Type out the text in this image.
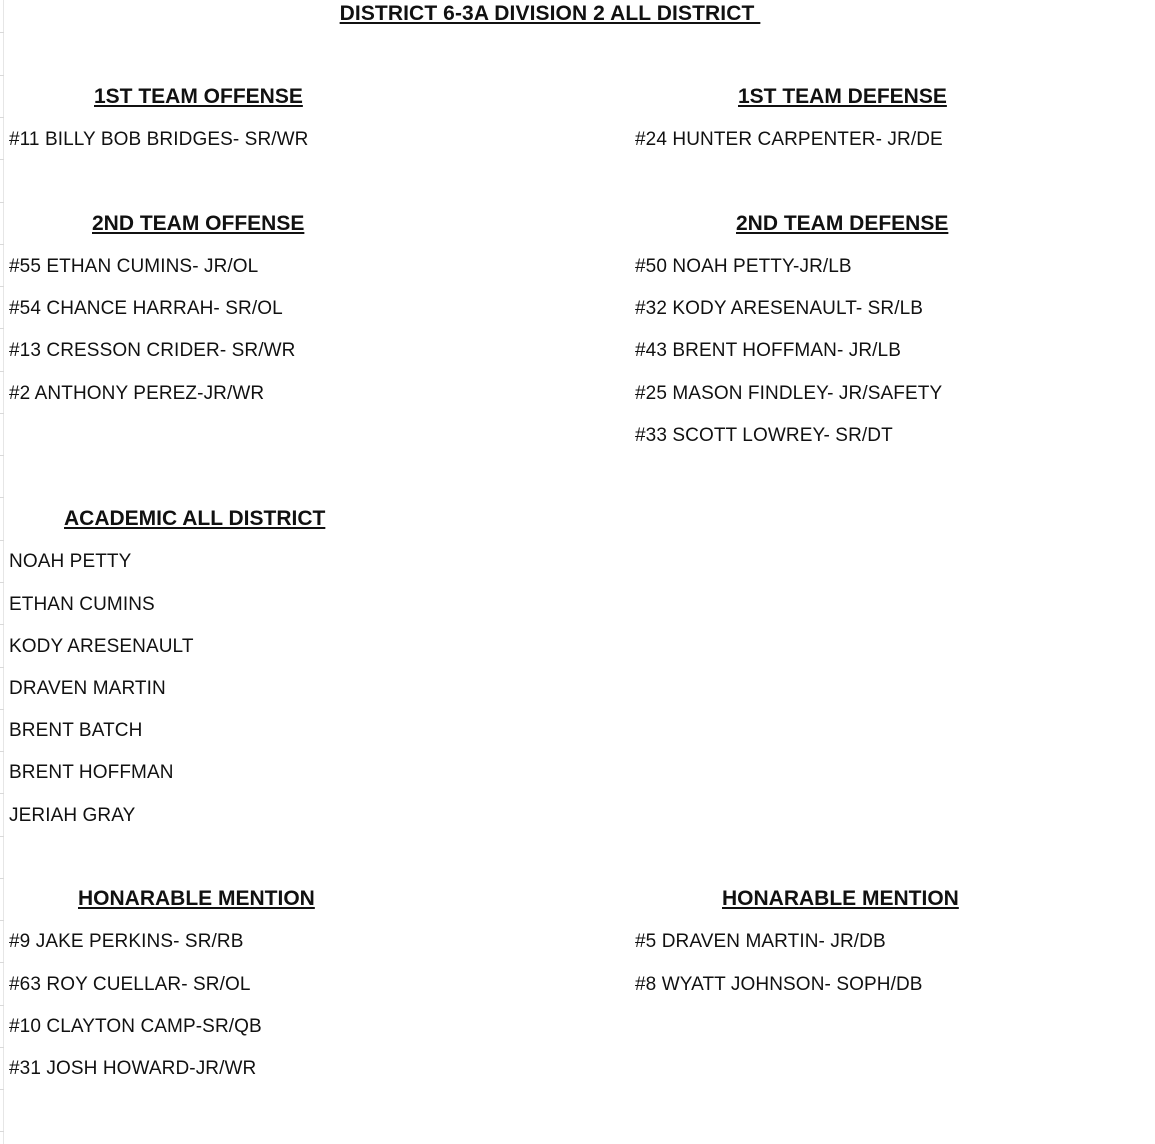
DISTRICT 6-3A DIVISION 2 ALL DISTRICT
1ST TEAM OFFENSE
#11 BILLY BOB BRIDGES- SR/WR
1ST TEAM DEFENSE
#24 HUNTER CARPENTER- JR/DE
2ND TEAM OFFENSE
#55 ETHAN CUMINS- JR/OL
#54 CHANCE HARRAH- SR/OL
#13 CRESSON CRIDER- SR/WR
#2 ANTHONY PEREZ-JR/WR
2ND TEAM DEFENSE
#50 NOAH PETTY-JR/LB
#32 KODY ARESENAULT- SR/LB
#43 BRENT HOFFMAN- JR/LB
#25 MASON FINDLEY- JR/SAFETY
#33 SCOTT LOWREY- SR/DT
ACADEMIC ALL DISTRICT
NOAH PETTY
ETHAN CUMINS
KODY ARESENAULT
DRAVEN MARTIN
BRENT BATCH
BRENT HOFFMAN
JERIAH GRAY
HONARABLE MENTION
#9 JAKE PERKINS- SR/RB
#63 ROY CUELLAR- SR/OL
#10 CLAYTON CAMP-SR/QB
#31 JOSH HOWARD-JR/WR
HONARABLE MENTION
#5 DRAVEN MARTIN- JR/DB
#8 WYATT JOHNSON- SOPH/DB
